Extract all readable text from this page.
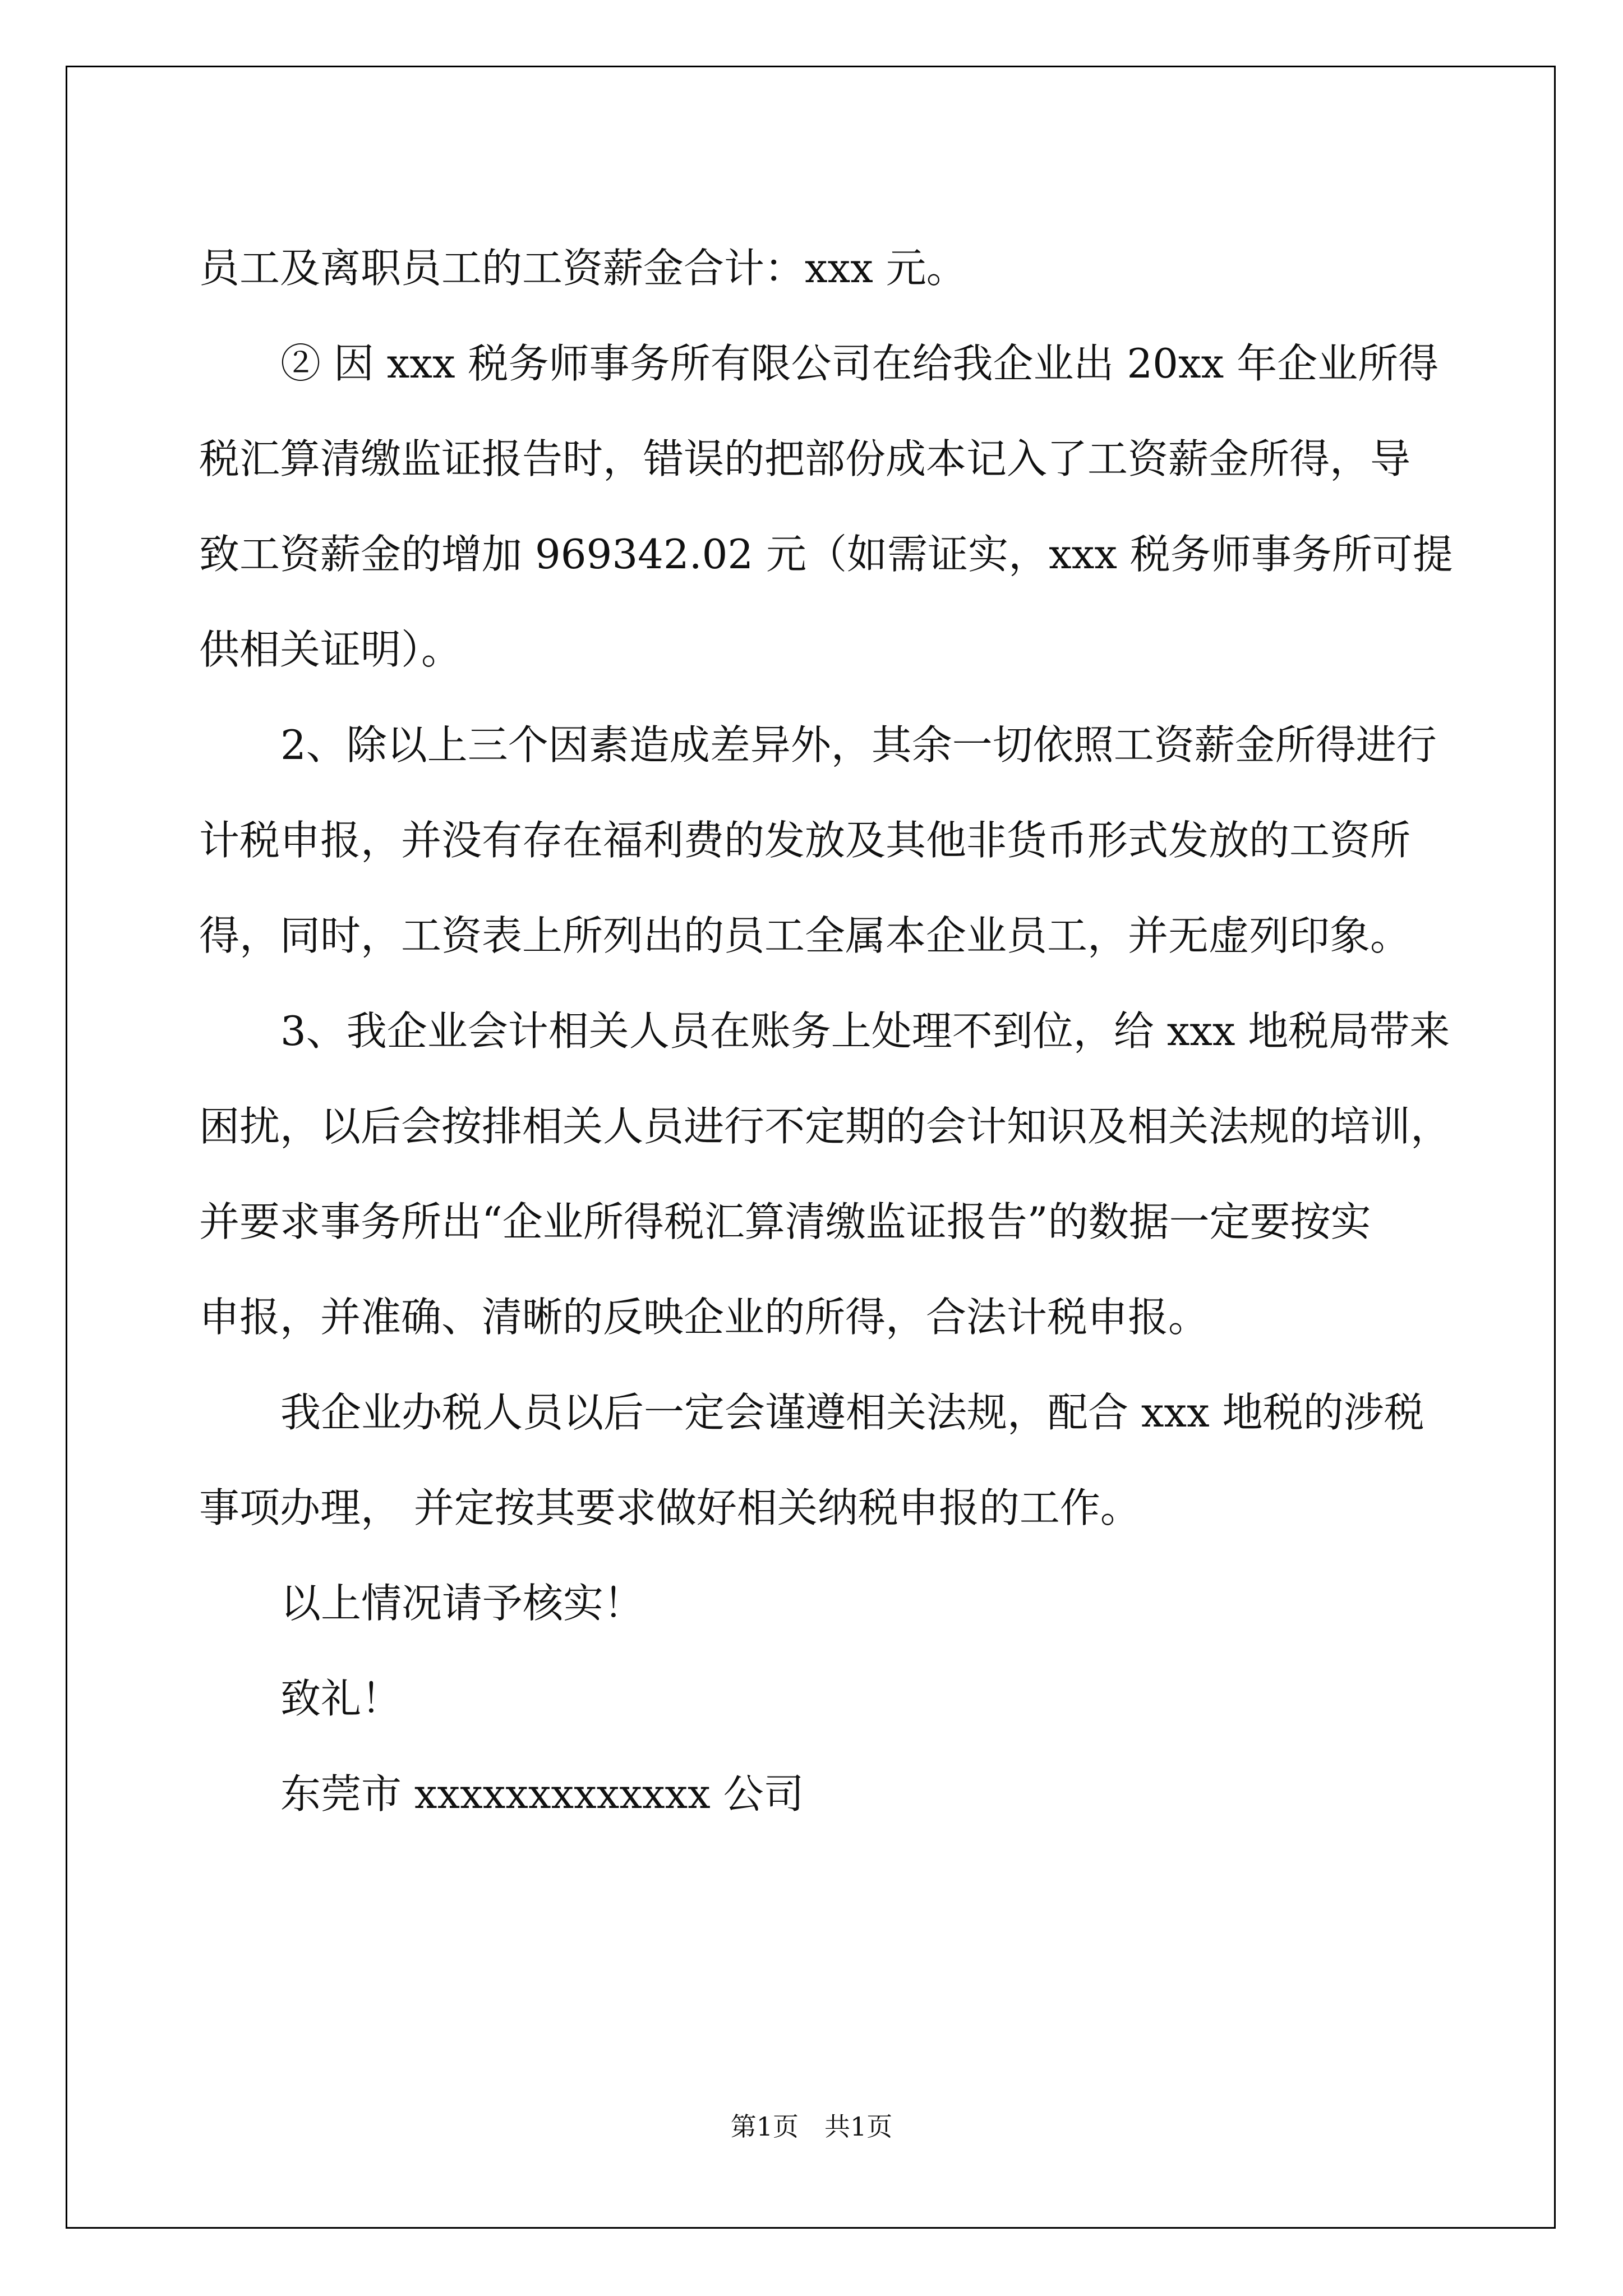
员工及离职员工的工资薪金合计：xxx 元。
② 因 xxx 税务师事务所有限公司在给我企业出 20xx 年企业所得
税汇算清缴监证报告时，错误的把部份成本记入了工资薪金所得，导
致工资薪金的增加 969342.02 元（如需证实，xxx 税务师事务所可提
供相关证明）。
2、除以上三个因素造成差异外，其余一切依照工资薪金所得进行
计税申报，并没有存在福利费的发放及其他非货币形式发放的工资所
得，同时，工资表上所列出的员工全属本企业员工，并无虚列印象。
3、我企业会计相关人员在账务上处理不到位，给 xxx 地税局带来
困扰，以后会按排相关人员进行不定期的会计知识及相关法规的培训，
并要求事务所出“企业所得税汇算清缴监证报告”的数据一定要按实
申报，并准确、清晰的反映企业的所得，合法计税申报。
我企业办税人员以后一定会谨遵相关法规，配合 xxx 地税的涉税
事项办理， 并定按其要求做好相关纳税申报的工作。
以上情况请予核实！
致礼！
东莞市 xxxxxxxxxxxxx 公司
第1页　共1页
